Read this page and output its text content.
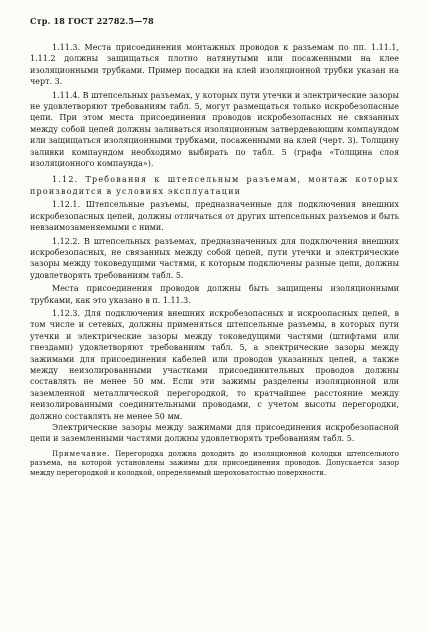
Стр. 18 ГОСТ 22782.5—78

1.11.3. Места присоединения монтажных проводов к разъемам по пп. 1.11.1, 1.11.2 должны защищаться плотно натянутыми или посаженными на клее изоляционными трубками. Пример посадки на клей изоляционной трубки указан на черт. 3.

1.11.4. В штепсельных разъемах, у которых пути утечки и электрические зазоры не удовлетворяют требованиям табл. 5, могут размещаться только искробезопасные цепи. При этом места присоединения проводов искробезопасных не связанных между собой цепей должны заливаться изоляционным затвердевающим компаундом или защищаться изоляционными трубками, посаженными на клей (черт. 3). Толщину заливки компаундом необходимо выбирать по табл. 5 (графа «Толщина слоя изоляционного компаунда»).

1.12. Требования к штепсельным разъемам, монтаж которых производится в условиях эксплуатации

1.12.1. Штепсельные разъемы, предназначенные для подключения внешних искробезопасных цепей, должны отличаться от других штепсельных разъемов и быть невзаимозаменяемыми с ними.

1.12.2. В штепсельных разъемах, предназначенных для подключения внешних искробезопасных, не связанных между собой цепей, пути утечки и электрические зазоры между токоведущими частями, к которым подключены разные цепи, должны удовлетворять требованиям табл. 5.

Места присоединения проводов должны быть защищены изоляционными трубками, как это указано в п. 1.11.3.

1.12.3. Для подключения внешних искробезопасных и искроопасных цепей, в том числе и сетевых, должны применяться штепсельные разъемы, в которых пути утечки и электрические зазоры между токоведущими частями (штифтами или гнездами) удовлетворяют требованиям табл. 5, а электрические зазоры между зажимами для присоединения кабелей или проводов указанных цепей, а также между неизолированными участками присоединительных проводов должны составлять не менее 50 мм. Если эти зажимы разделены изоляционной или заземленной металлической перегородкой, то кратчайшее расстояние между неизолированными соединительными проводами, с учетом высоты перегородки, должно составлять не менее 50 мм.

Электрические зазоры между зажимами для присоединения искробезопасной цепи и заземленными частями должны удовлетворять требованиям табл. 5.

Примечание. Перегородка должна доходить до изоляционной колодки штепсельного разъема, на которой установлены зажимы для присоединения проводов. Допускается зазор между перегородкой и колодкой, определяемый шероховатостью поверхности.
